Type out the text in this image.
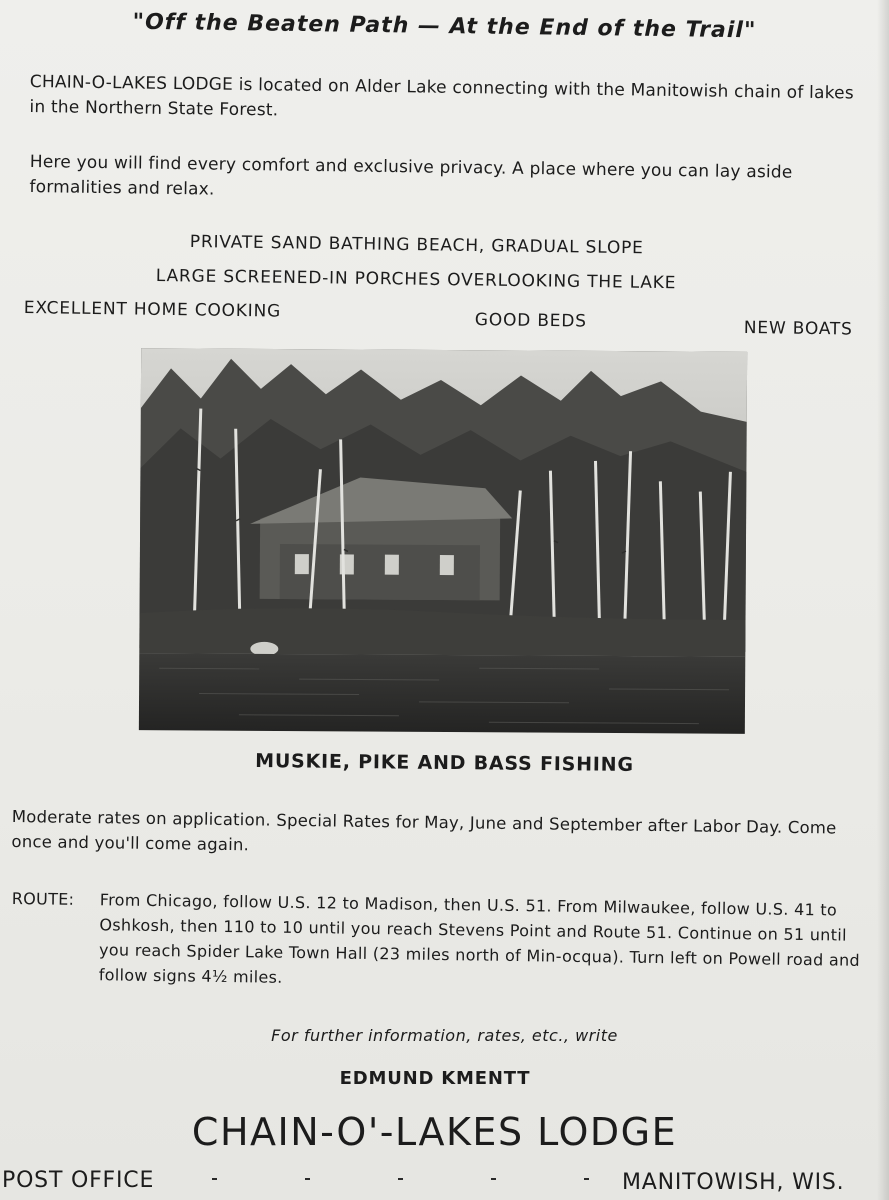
"Off the Beaten Path — At the End of the Trail"
CHAIN-O-LAKES LODGE is located on Alder Lake connecting with the Manitowish chain of lakes in the Northern State Forest.
Here you will find every comfort and exclusive privacy. A place where you can lay aside formalities and relax.
PRIVATE SAND BATHING BEACH, GRADUAL SLOPE
LARGE SCREENED-IN PORCHES OVERLOOKING THE LAKE
EXCELLENT HOME COOKING	GOOD BEDS	NEW BOATS
MUSKIE, PIKE AND BASS FISHING
Moderate rates on application. Special Rates for May, June and September after Labor Day. Come once and you'll come again.
ROUTE: From Chicago, follow U.S. 12 to Madison, then U.S. 51. From Milwaukee, follow U.S. 41 to Oshkosh, then 110 to 10 until you reach Stevens Point and Route 51. Continue on 51 until you reach Spider Lake Town Hall (23 miles north of Min-ocqua). Turn left on Powell road and follow signs 4½ miles.
For further information, rates, etc., write
EDMUND KMENTT
CHAIN-O'-LAKES LODGE
POST OFFICE	MANITOWISH, WIS.
